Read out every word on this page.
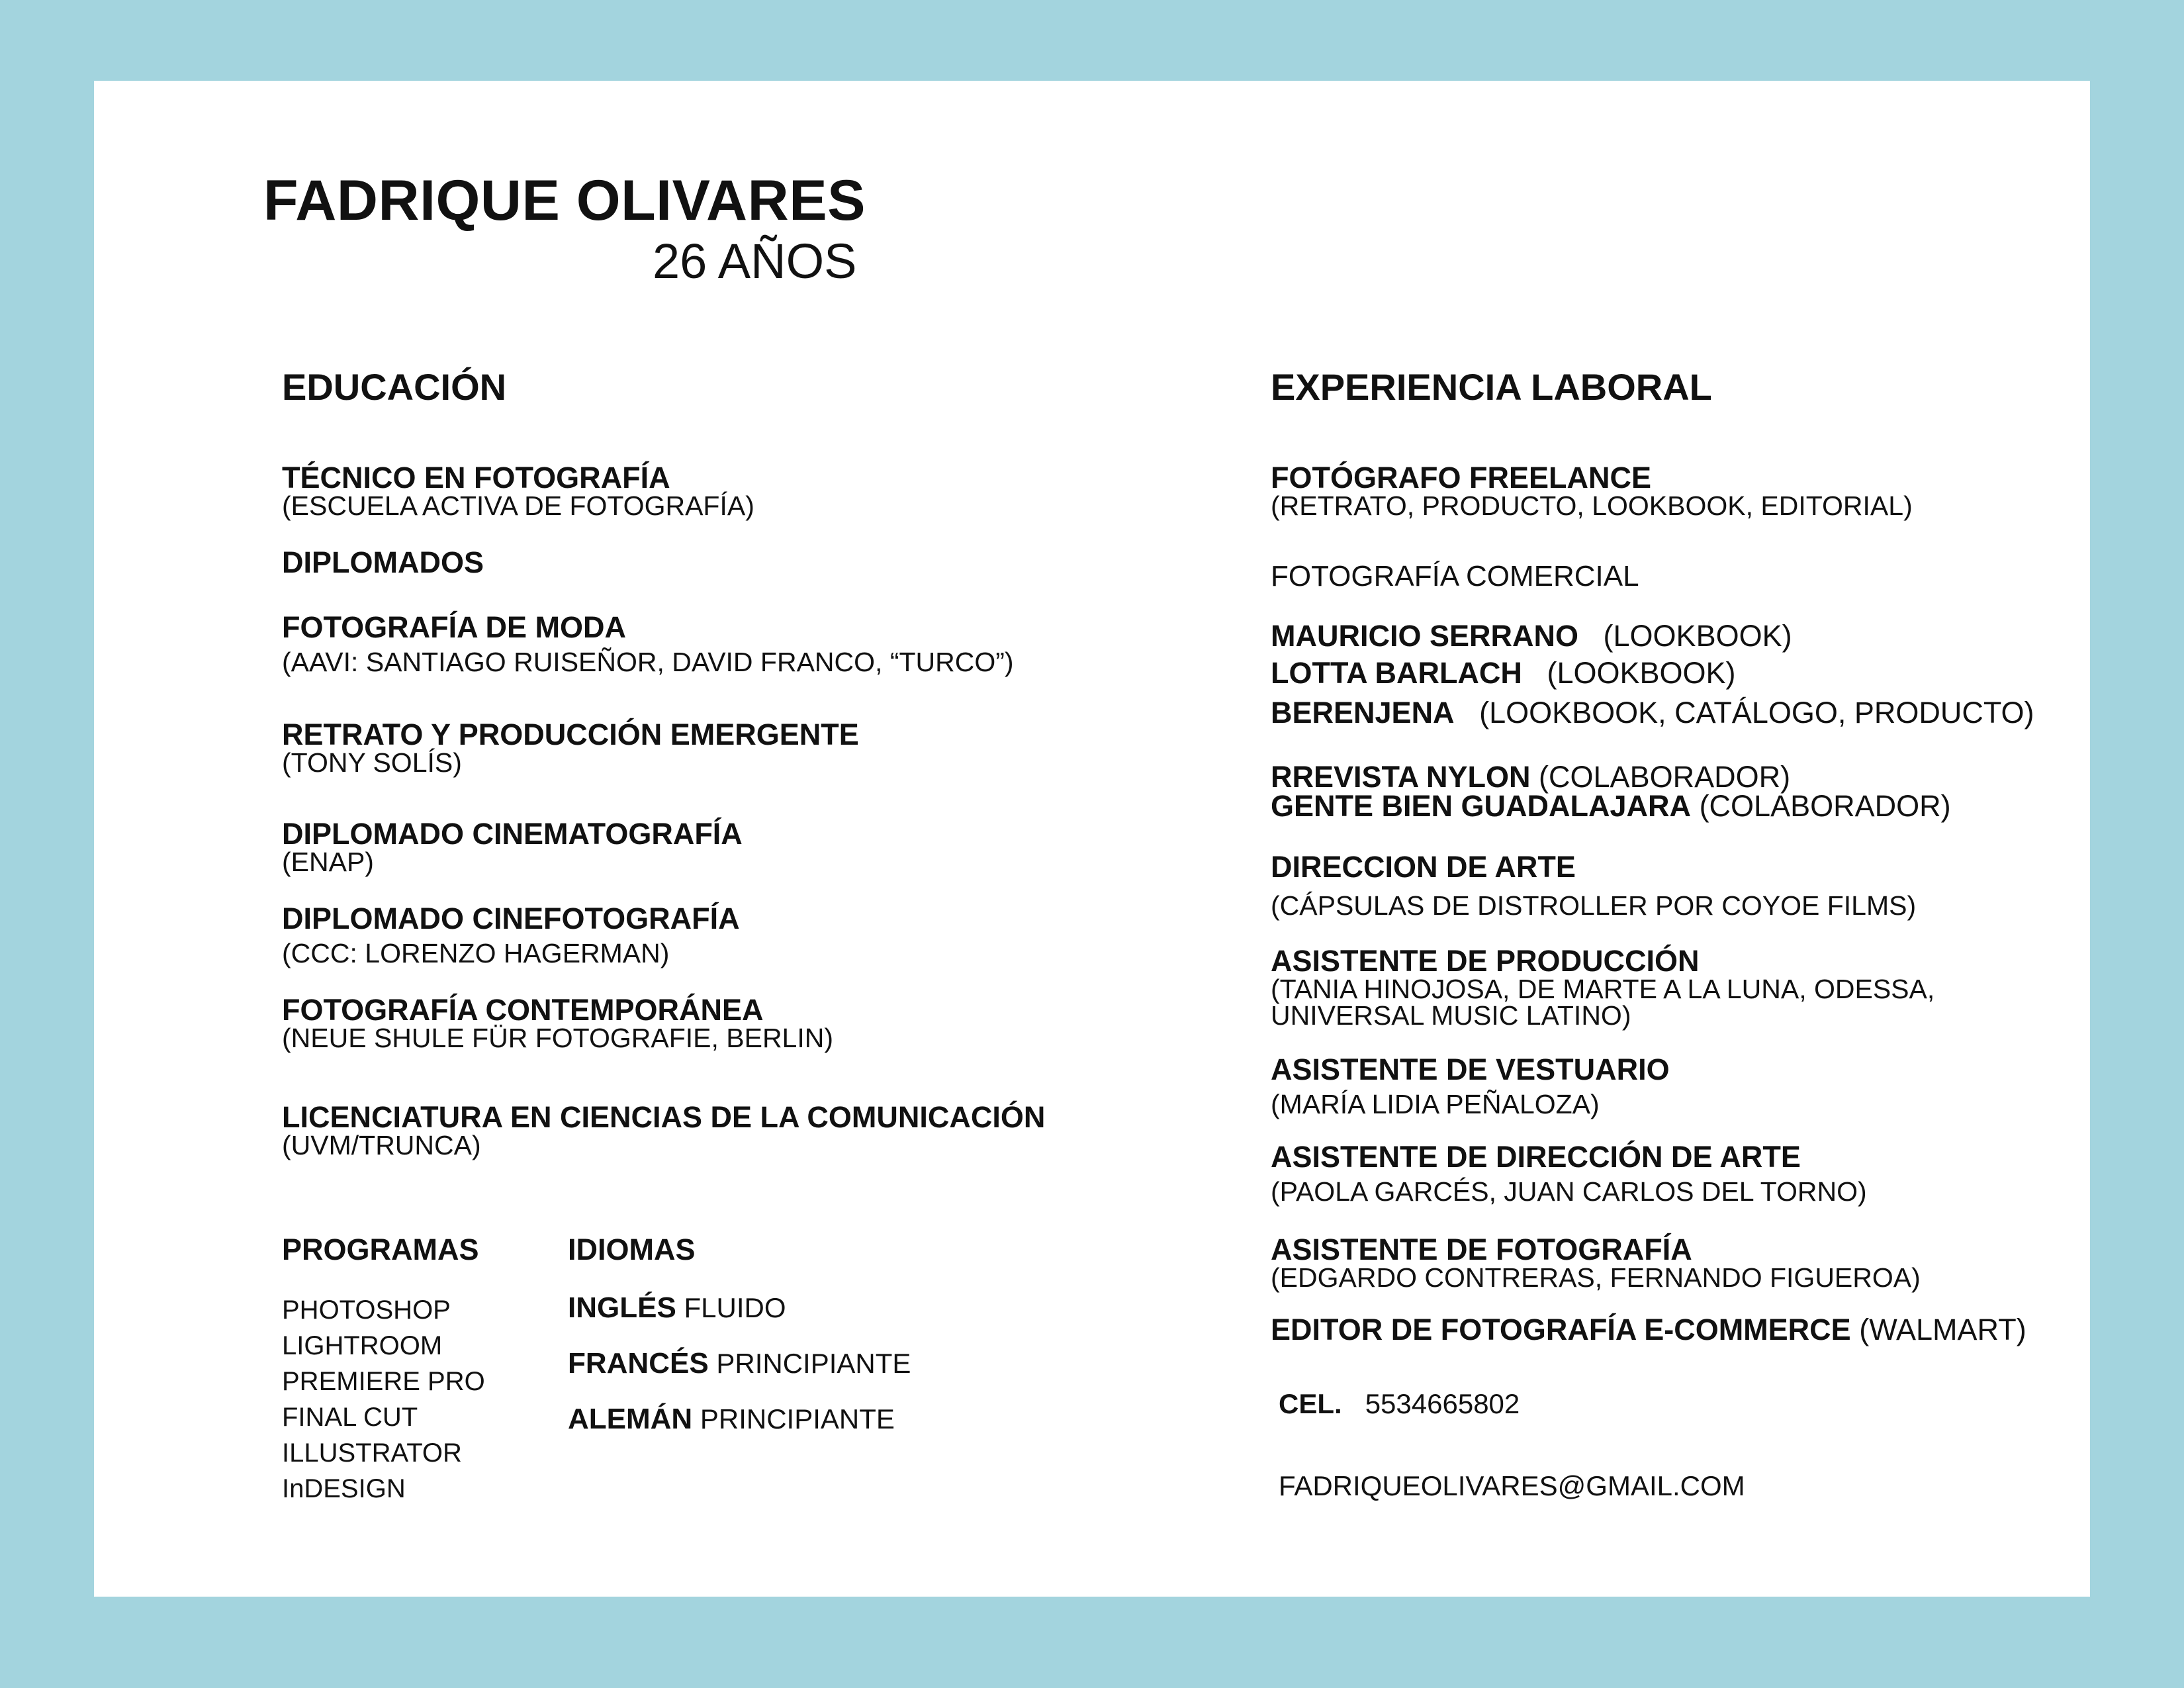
FADRIQUE OLIVARES
26 AÑOS
EDUCACIÓN
TÉCNICO EN FOTOGRAFÍA
(ESCUELA ACTIVA DE FOTOGRAFÍA)
DIPLOMADOS
FOTOGRAFÍA DE MODA
(AAVI: SANTIAGO RUISEÑOR, DAVID FRANCO, “TURCO”)
RETRATO Y PRODUCCIÓN EMERGENTE
(TONY SOLÍS)
DIPLOMADO CINEMATOGRAFÍA
(ENAP)
DIPLOMADO CINEFOTOGRAFÍA
(CCC: LORENZO HAGERMAN)
FOTOGRAFÍA CONTEMPORÁNEA
(NEUE SHULE FÜR FOTOGRAFIE, BERLIN)
LICENCIATURA EN CIENCIAS DE LA COMUNICACIÓN
(UVM/TRUNCA)
PROGRAMAS
PHOTOSHOP
LIGHTROOM
PREMIERE PRO
FINAL CUT
ILLUSTRATOR
InDESIGN
IDIOMAS
INGLÉS FLUIDO
FRANCÉS PRINCIPIANTE
ALEMÁN PRINCIPIANTE
EXPERIENCIA LABORAL
FOTÓGRAFO FREELANCE
(RETRATO, PRODUCTO, LOOKBOOK, EDITORIAL)
FOTOGRAFÍA COMERCIAL
MAURICIO SERRANO (LOOKBOOK)
LOTTA BARLACH (LOOKBOOK)
BERENJENA (LOOKBOOK, CATÁLOGO, PRODUCTO)
RREVISTA NYLON (COLABORADOR)
GENTE BIEN GUADALAJARA (COLABORADOR)
DIRECCION DE ARTE
(CÁPSULAS DE DISTROLLER POR COYOE FILMS)
ASISTENTE DE PRODUCCIÓN
(TANIA HINOJOSA, DE MARTE A LA LUNA, ODESSA,
UNIVERSAL MUSIC LATINO)
ASISTENTE DE VESTUARIO
(MARÍA LIDIA PEÑALOZA)
ASISTENTE DE DIRECCIÓN DE ARTE
(PAOLA GARCÉS, JUAN CARLOS DEL TORNO)
ASISTENTE DE FOTOGRAFÍA
(EDGARDO CONTRERAS, FERNANDO FIGUEROA)
EDITOR DE FOTOGRAFÍA E-COMMERCE (WALMART)
CEL. 5534665802
FADRIQUEOLIVARES@GMAIL.COM
